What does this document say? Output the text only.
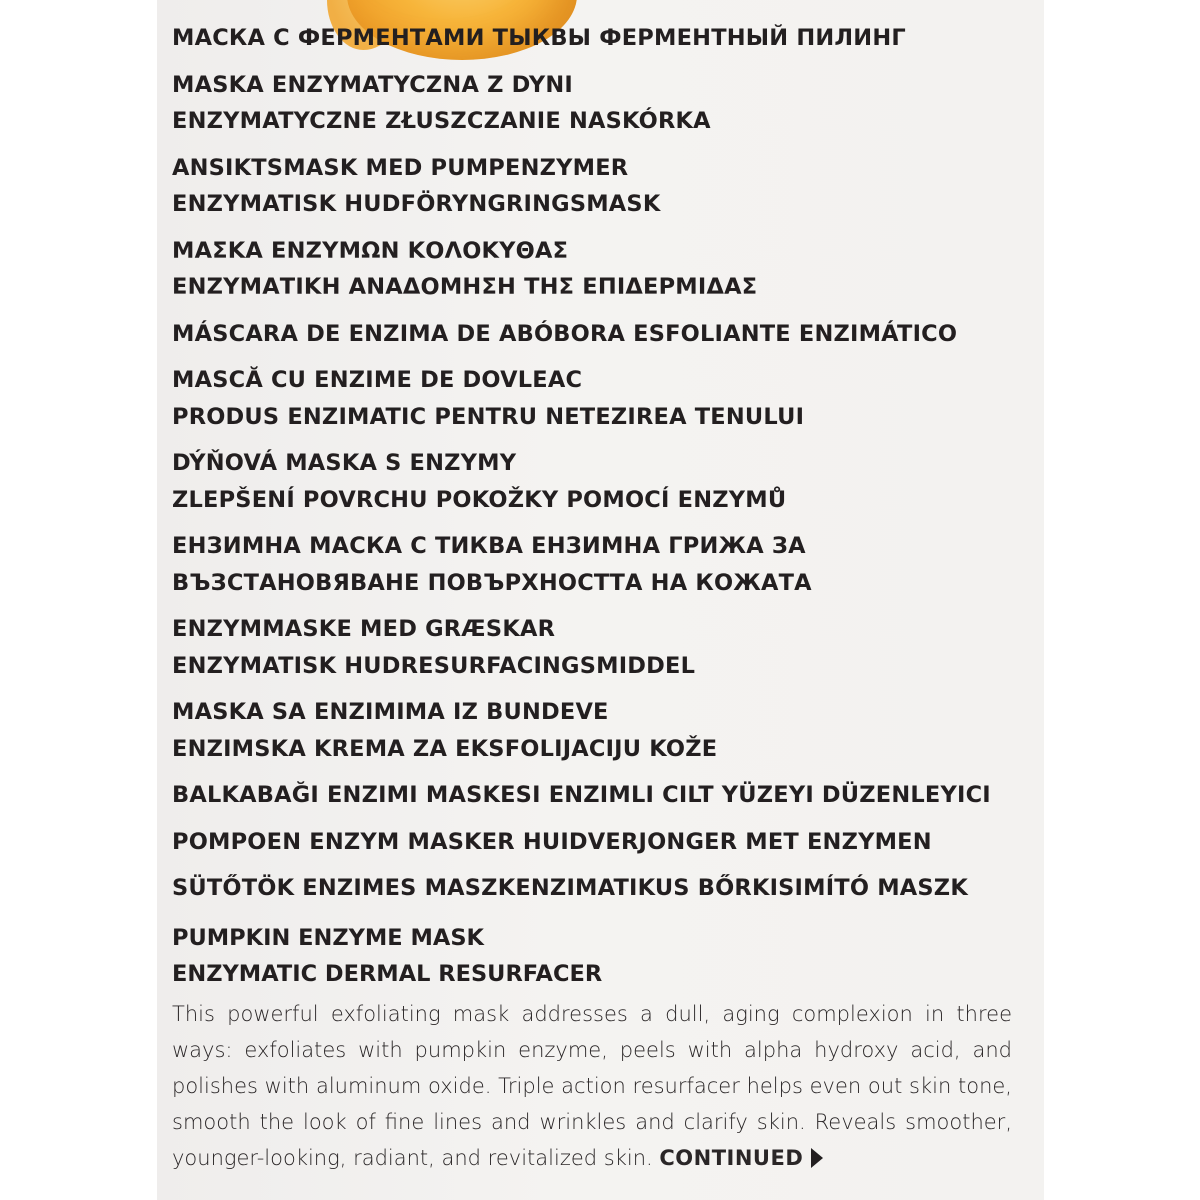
МАСКА С ФЕРМЕНТАМИ ТЫКВЫ ФЕРМЕНТНЫЙ ПИЛИНГ
MASKA ENZYMATYCZNA Z DYNI
ENZYMATYCZNE ZŁUSZCZANIE NASKÓRKA
ANSIKTSMASK MED PUMPENZYMER
ENZYMATISK HUDFÖRYNGRINGSMASK
ΜΑΣΚΑ ΕΝΖΥΜΩΝ ΚΟΛΟΚΥΘΑΣ
ΕΝΖΥΜΑΤΙΚΗ ΑΝΑΔΟΜΗΣΗ ΤΗΣ ΕΠΙΔΕΡΜΙΔΑΣ
MÁSCARA DE ENZIMA DE ABÓBORA ESFOLIANTE ENZIMÁTICO
MASCĂ CU ENZIME DE DOVLEAC
PRODUS ENZIMATIC PENTRU NETEZIREA TENULUI
DÝŇOVÁ MASKA S ENZYMY
ZLEPŠENÍ POVRCHU POKOŽKY POMOCÍ ENZYMŮ
ЕНЗИМНА МАСКА С ТИКВА ЕНЗИМНА ГРИЖА ЗА
ВЪЗСТАНОВЯВАНЕ ПОВЪРХНОСТТА НА КОЖАТА
ENZYMMASKE MED GRÆSKAR
ENZYMATISK HUDRESURFACINGSMIDDEL
MASKA SA ENZIMIMA IZ BUNDEVE
ENZIMSKA KREMA ZA EKSFOLIJACIJU KOŽE
BALKABAĞI ENZIMI MASKESI ENZIMLI CILT YÜZEYI DÜZENLEYICI
POMPOEN ENZYM MASKER HUIDVERJONGER MET ENZYMEN
SÜTŐTÖK ENZIMES MASZKENZIMATIKUS BŐRKISIMÍTÓ MASZK
PUMPKIN ENZYME MASK
ENZYMATIC DERMAL RESURFACER
This powerful exfoliating mask addresses a dull, aging complexion in three ways: exfoliates with pumpkin enzyme, peels with alpha hydroxy acid, and polishes with aluminum oxide. Triple action resurfacer helps even out skin tone, smooth the look of fine lines and wrinkles and clarify skin. Reveals smoother, younger-looking, radiant, and revitalized skin. CONTINUED
